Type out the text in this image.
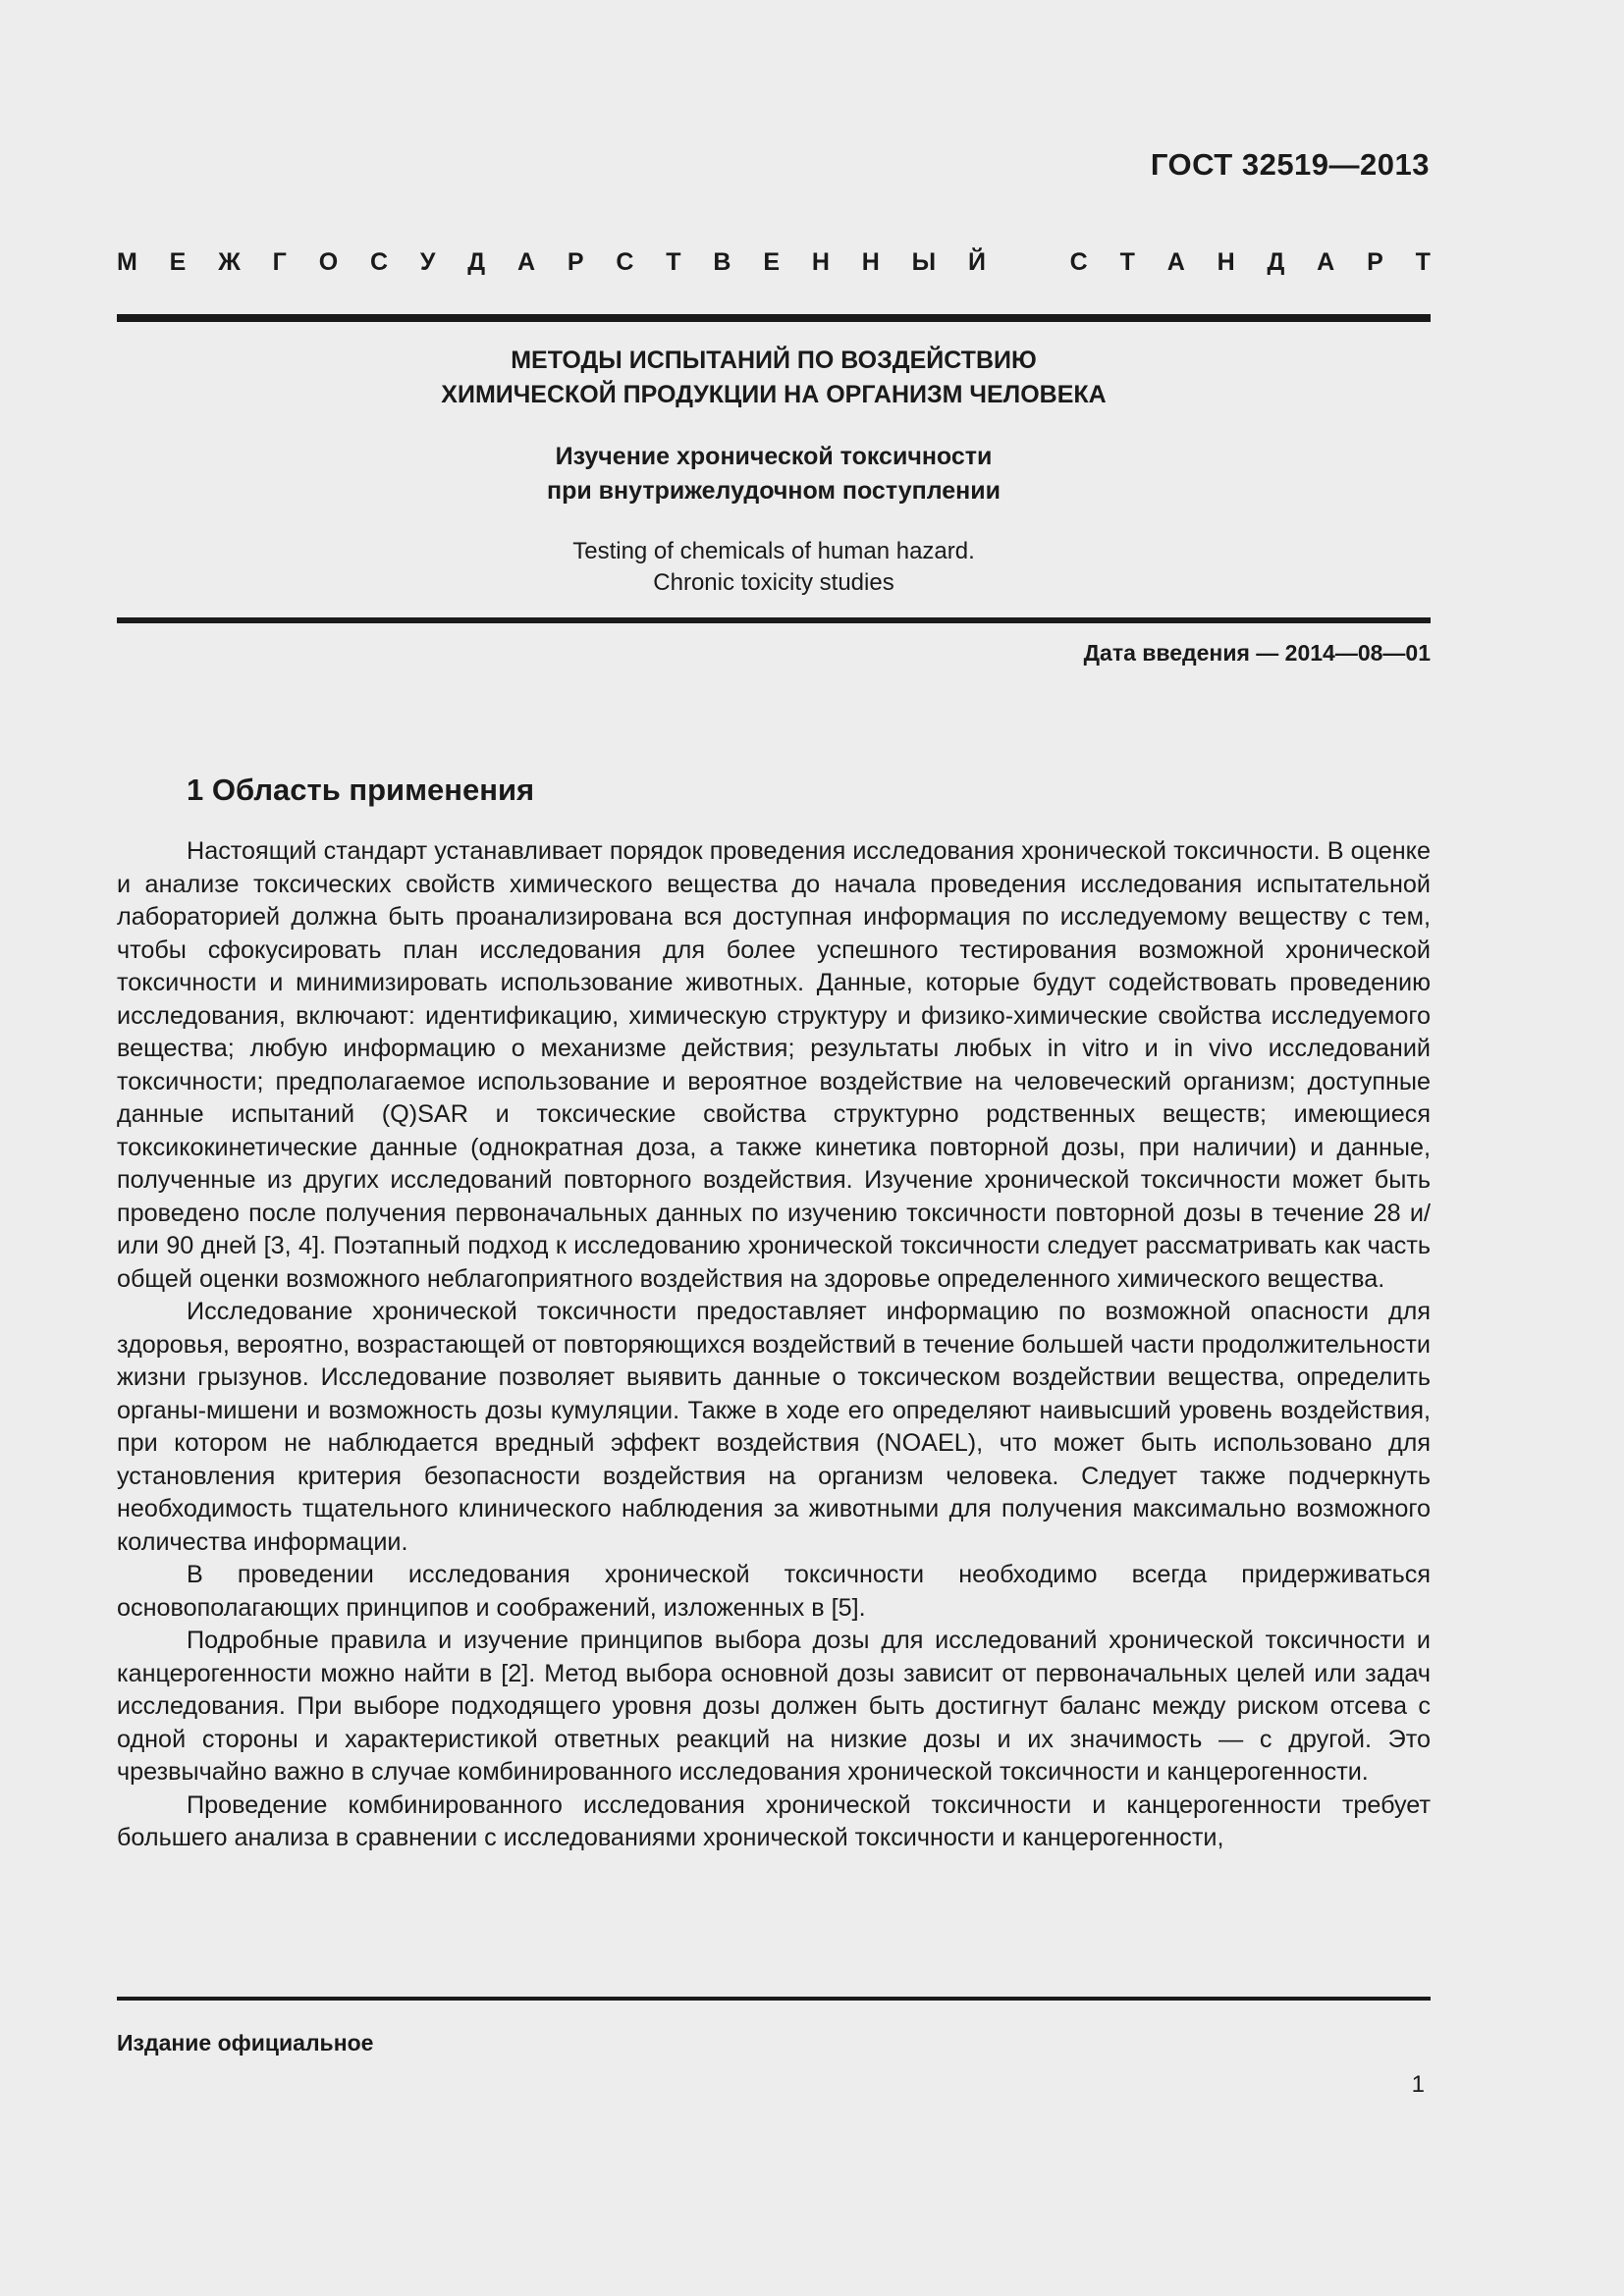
ГОСТ 32519—2013
М Е Ж Г О С У Д А Р С Т В Е Н Н Ы Й	С Т А Н Д А Р Т
МЕТОДЫ ИСПЫТАНИЙ ПО ВОЗДЕЙСТВИЮ
ХИМИЧЕСКОЙ ПРОДУКЦИИ НА ОРГАНИЗМ ЧЕЛОВЕКА
Изучение хронической токсичности
при внутрижелудочном поступлении
Testing of chemicals of human hazard.
Chronic toxicity studies
Дата введения — 2014—08—01
1 Область применения

Настоящий стандарт устанавливает порядок проведения исследования хронической токсичности. В оценке и анализе токсических свойств химического вещества до начала проведения исследования испытательной лабораторией должна быть проанализирована вся доступная информация по исследуемому веществу с тем, чтобы сфокусировать план исследования для более успешного тестирования возможной хронической токсичности и минимизировать использование животных. Данные, которые будут содействовать проведению исследования, включают: идентификацию, химическую структуру и физико-химические свойства исследуемого вещества; любую информацию о механизме действия; результаты любых in vitro и in vivo исследований токсичности; предполагаемое использование и вероятное воздействие на человеческий организм; доступные данные испытаний (Q)SAR и токсические свойства структурно родственных веществ; имеющиеся токсикокинетические данные (однократная доза, а также кинетика повторной дозы, при наличии) и данные, полученные из других исследований повторного воздействия. Изучение хронической токсичности может быть проведено после получения первоначальных данных по изучению токсичности повторной дозы в течение 28 и/или 90 дней [3, 4]. Поэтапный подход к исследованию хронической токсичности следует рассматривать как часть общей оценки возможного неблагоприятного воздействия на здоровье определенного химического вещества.

Исследование хронической токсичности предоставляет информацию по возможной опасности для здоровья, вероятно, возрастающей от повторяющихся воздействий в течение большей части продолжительности жизни грызунов. Исследование позволяет выявить данные о токсическом воздействии вещества, определить органы-мишени и возможность дозы кумуляции. Также в ходе его определяют наивысший уровень воздействия, при котором не наблюдается вредный эффект воздействия (NOAEL), что может быть использовано для установления критерия безопасности воздействия на организм человека. Следует также подчеркнуть необходимость тщательного клинического наблюдения за животными для получения максимально возможного количества информации.

В проведении исследования хронической токсичности необходимо всегда придерживаться основополагающих принципов и соображений, изложенных в [5].

Подробные правила и изучение принципов выбора дозы для исследований хронической токсичности и канцерогенности можно найти в [2]. Метод выбора основной дозы зависит от первоначальных целей или задач исследования. При выборе подходящего уровня дозы должен быть достигнут баланс между риском отсева с одной стороны и характеристикой ответных реакций на низкие дозы и их значимость — с другой. Это чрезвычайно важно в случае комбинированного исследования хронической токсичности и канцерогенности.

Проведение комбинированного исследования хронической токсичности и канцерогенности требует большего анализа в сравнении с исследованиями хронической токсичности и канцерогенности,

Издание официальное
1
